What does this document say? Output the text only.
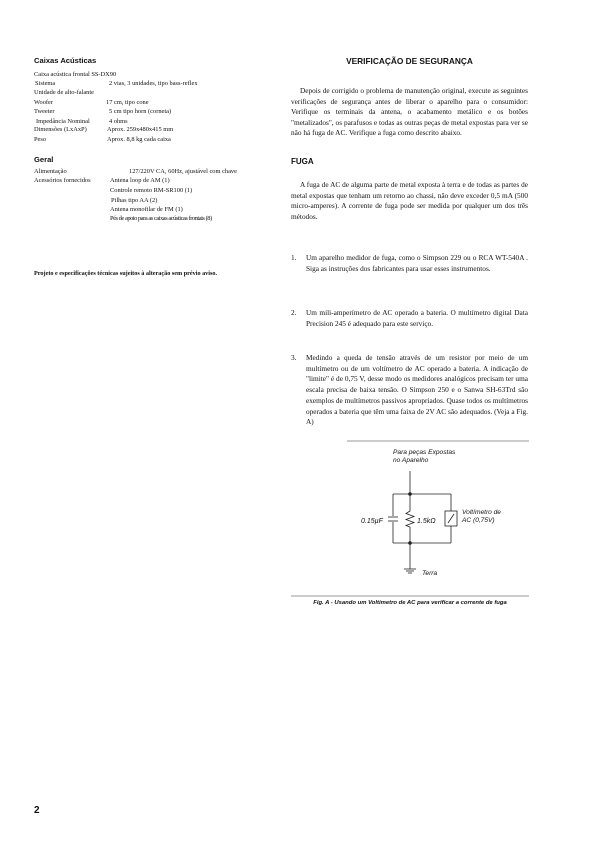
Caixas Acústicas
Caixa acústica frontal SS-DX90
Sistema	2 vias, 3 unidades, tipo bass-reflex
Unidade de alto-falante
Woofer	17 cm, tipo cone
Tweeter	5 cm tipo horn (corneta)
Impedância Nominal	4 ohms
Dimensões (LxAxP)	Aprox. 259x480x415 mm
Peso	Aprox. 8,8 kg cada caixa
Geral
Alimentação	127/220V CA, 60Hz, ajustável com chave
Acessórios fornecidos	Antena loop de AM (1)
Controle remoto RM-SR100 (1)
Pilhas tipo AA (2)
Antena monofilar de FM (1)
Pés de apoio para as caixas acústicas frontais (8)
Projeto e especificações técnicas sujeitos à alteração sem prévio aviso.
VERIFICAÇÃO DE SEGURANÇA
Depois de corrigido o problema de manutenção original, execute as seguintes verificações de segurança antes de liberar o aparelho para o consumidor: Verifique os terminais da antena, o acabamento metálico e os botões "metalizados", os parafusos e todas as outras peças de metal expostas para ver se não há fuga de AC. Verifique a fuga como descrito abaixo.
FUGA
A fuga de AC de alguma parte de metal exposta à terra e de todas as partes de metal expostas que tenham um retorno ao chassi, não deve exceder 0,5 mA (500 micro-amperes). A corrente de fuga pode ser medida por qualquer um dos três métodos.
1. Um aparelho medidor de fuga, como o Simpson 229 ou o RCA WT-540A . Siga as instruções dos fabricantes para usar esses instrumentos.
2. Um mili-amperímetro de AC operado a bateria. O multímetro digital Data Precision 245 é adequado para este serviço.
3. Medindo a queda de tensão através de um resistor por meio de um multímetro ou de um voltímetro de AC operado a bateria. A indicação de "limite" é de 0,75 V, desse modo os medidores analógicos precisam ter uma escala precisa de baixa tensão. O Simpson 250 e o Sanwa SH-63Trd são exemplos de multímetros passivos apropriados. Quase todos os multímetros operados a bateria que têm uma faixa de 2V AC são adequados. (Veja a Fig. A)
Para peças Expostas
no Aparelho
0.15µF	1.5kΩ
Voltímetro de
AC (0,75V)
Terra
Fig. A - Usando um Voltímetro de AC para verificar a corrente de fuga
2
